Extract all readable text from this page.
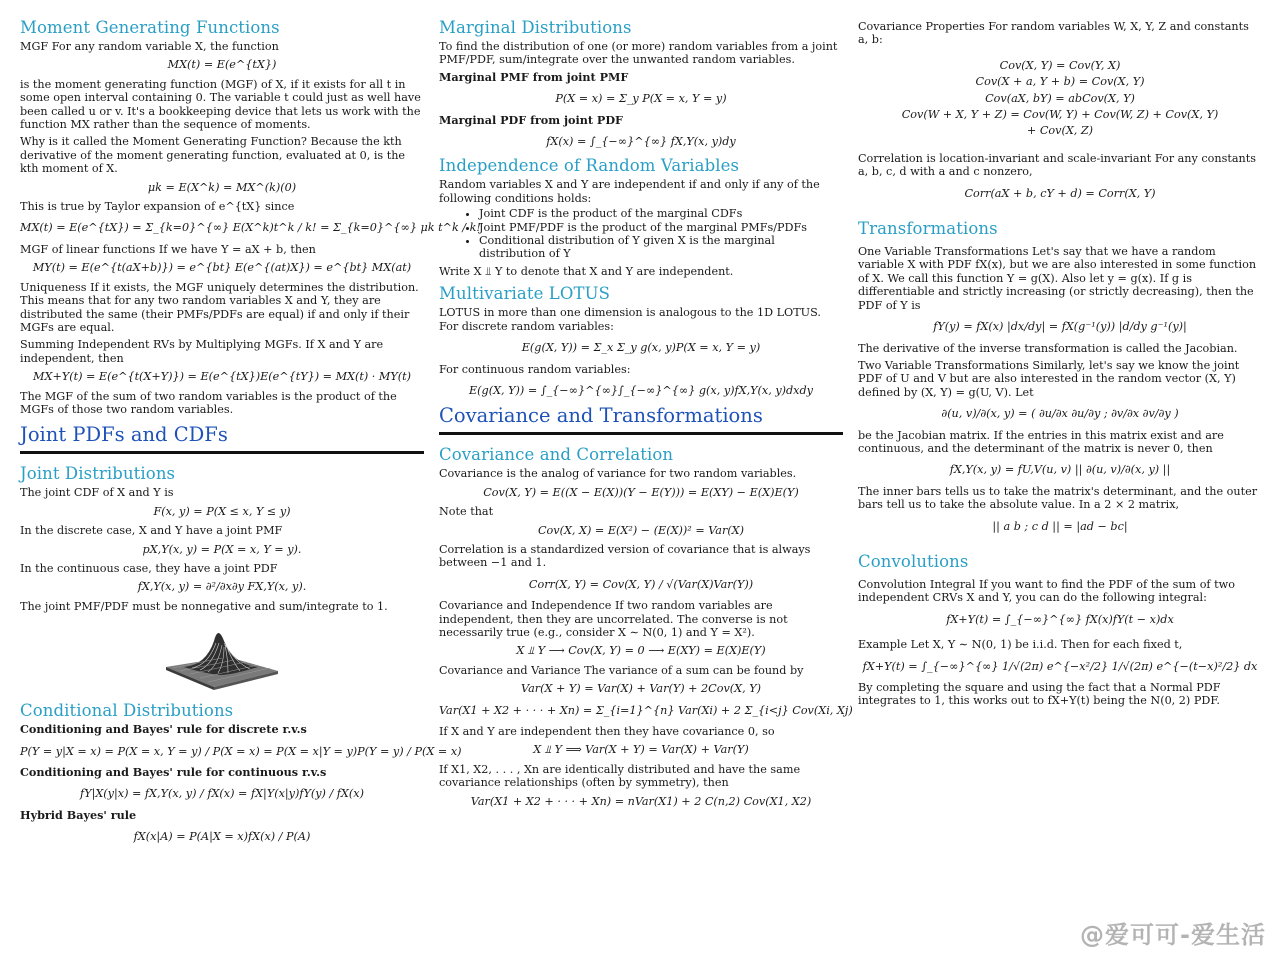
Moment Generating Functions

MGF For any random variable X, the function

MX(t) = E(e^{tX})

is the moment generating function (MGF) of X, if it exists for all t in some open interval containing 0. The variable t could just as well have been called u or v. It's a bookkeeping device that lets us work with the function MX rather than the sequence of moments.

Why is it called the Moment Generating Function? Because the kth derivative of the moment generating function, evaluated at 0, is the kth moment of X.

μk = E(X^k) = MX^(k)(0)

This is true by Taylor expansion of e^{tX} since

MX(t) = E(e^{tX}) = Σ_{k=0}^{∞} E(X^k)t^k / k! = Σ_{k=0}^{∞} μk t^k / k!

MGF of linear functions If we have Y = aX + b, then

MY(t) = E(e^{t(aX+b)}) = e^{bt} E(e^{(at)X}) = e^{bt} MX(at)

Uniqueness If it exists, the MGF uniquely determines the distribution. This means that for any two random variables X and Y, they are distributed the same (their PMFs/PDFs are equal) if and only if their MGFs are equal.

Summing Independent RVs by Multiplying MGFs. If X and Y are independent, then

MX+Y(t) = E(e^{t(X+Y)}) = E(e^{tX})E(e^{tY}) = MX(t) · MY(t)

The MGF of the sum of two random variables is the product of the MGFs of those two random variables.

Joint PDFs and CDFs
Joint Distributions

The joint CDF of X and Y is

F(x, y) = P(X ≤ x, Y ≤ y)

In the discrete case, X and Y have a joint PMF

pX,Y(x, y) = P(X = x, Y = y).

In the continuous case, they have a joint PDF

fX,Y(x, y) = ∂²/∂x∂y FX,Y(x, y).

The joint PMF/PDF must be nonnegative and sum/integrate to 1.

Conditional Distributions

Conditioning and Bayes' rule for discrete r.v.s

P(Y = y|X = x) = P(X = x, Y = y) / P(X = x) = P(X = x|Y = y)P(Y = y) / P(X = x)

Conditioning and Bayes' rule for continuous r.v.s

fY|X(y|x) = fX,Y(x, y) / fX(x) = fX|Y(x|y)fY(y) / fX(x)

Hybrid Bayes' rule

fX(x|A) = P(A|X = x)fX(x) / P(A)
Marginal Distributions

To find the distribution of one (or more) random variables from a joint PMF/PDF, sum/integrate over the unwanted random variables.

Marginal PMF from joint PMF

P(X = x) = Σ_y P(X = x, Y = y)

Marginal PDF from joint PDF

fX(x) = ∫_{−∞}^{∞} fX,Y(x, y)dy
Independence of Random Variables

Random variables X and Y are independent if and only if any of the following conditions holds:

• Joint CDF is the product of the marginal CDFs
• Joint PMF/PDF is the product of the marginal PMFs/PDFs
• Conditional distribution of Y given X is the marginal distribution of Y

Write X ⫫ Y to denote that X and Y are independent.

Multivariate LOTUS

LOTUS in more than one dimension is analogous to the 1D LOTUS. For discrete random variables:

E(g(X, Y)) = Σ_x Σ_y g(x, y)P(X = x, Y = y)

For continuous random variables:

E(g(X, Y)) = ∫_{−∞}^{∞}∫_{−∞}^{∞} g(x, y)fX,Y(x, y)dxdy
Covariance and Transformations
Covariance and Correlation

Covariance is the analog of variance for two random variables.

Cov(X, Y) = E((X − E(X))(Y − E(Y))) = E(XY) − E(X)E(Y)

Note that

Cov(X, X) = E(X²) − (E(X))² = Var(X)

Correlation is a standardized version of covariance that is always between −1 and 1.

Corr(X, Y) = Cov(X, Y) / √(Var(X)Var(Y))

Covariance and Independence If two random variables are independent, then they are uncorrelated. The converse is not necessarily true (e.g., consider X ∼ N(0, 1) and Y = X²).

X ⫫ Y ⟶ Cov(X, Y) = 0 ⟶ E(XY) = E(X)E(Y)

Covariance and Variance The variance of a sum can be found by

Var(X + Y) = Var(X) + Var(Y) + 2Cov(X, Y)
Var(X1 + X2 + · · · + Xn) = Σ_{i=1}^{n} Var(Xi) + 2 Σ_{i<j} Cov(Xi, Xj)

If X and Y are independent then they have covariance 0, so

X ⫫ Y ⟹ Var(X + Y) = Var(X) + Var(Y)

If X1, X2, . . . , Xn are identically distributed and have the same covariance relationships (often by symmetry), then

Var(X1 + X2 + · · · + Xn) = nVar(X1) + 2 C(n,2) Cov(X1, X2)

Covariance Properties For random variables W, X, Y, Z and constants a, b:

Cov(X, Y) = Cov(Y, X)
Cov(X + a, Y + b) = Cov(X, Y)
Cov(aX, bY) = abCov(X, Y)
Cov(W + X, Y + Z) = Cov(W, Y) + Cov(W, Z) + Cov(X, Y)
+ Cov(X, Z)

Correlation is location-invariant and scale-invariant For any constants a, b, c, d with a and c nonzero,

Corr(aX + b, cY + d) = Corr(X, Y)
Transformations

One Variable Transformations Let's say that we have a random variable X with PDF fX(x), but we are also interested in some function of X. We call this function Y = g(X). Also let y = g(x). If g is differentiable and strictly increasing (or strictly decreasing), then the PDF of Y is

fY(y) = fX(x) |dx/dy| = fX(g⁻¹(y)) |d/dy g⁻¹(y)|

The derivative of the inverse transformation is called the Jacobian.

Two Variable Transformations Similarly, let's say we know the joint PDF of U and V but are also interested in the random vector (X, Y) defined by (X, Y) = g(U, V). Let

∂(u, v)/∂(x, y) = ( ∂u/∂x ∂u/∂y ; ∂v/∂x ∂v/∂y )

be the Jacobian matrix. If the entries in this matrix exist and are continuous, and the determinant of the matrix is never 0, then

fX,Y(x, y) = fU,V(u, v) || ∂(u, v)/∂(x, y) ||

The inner bars tells us to take the matrix's determinant, and the outer bars tell us to take the absolute value. In a 2 × 2 matrix,

|| a b ; c d || = |ad − bc|
Convolutions

Convolution Integral If you want to find the PDF of the sum of two independent CRVs X and Y, you can do the following integral:

fX+Y(t) = ∫_{−∞}^{∞} fX(x)fY(t − x)dx

Example Let X, Y ∼ N(0, 1) be i.i.d. Then for each fixed t,

fX+Y(t) = ∫_{−∞}^{∞} 1/√(2π) e^{−x²/2} 1/√(2π) e^{−(t−x)²/2} dx

By completing the square and using the fact that a Normal PDF integrates to 1, this works out to fX+Y(t) being the N(0, 2) PDF.

@爱可可-爱生活
